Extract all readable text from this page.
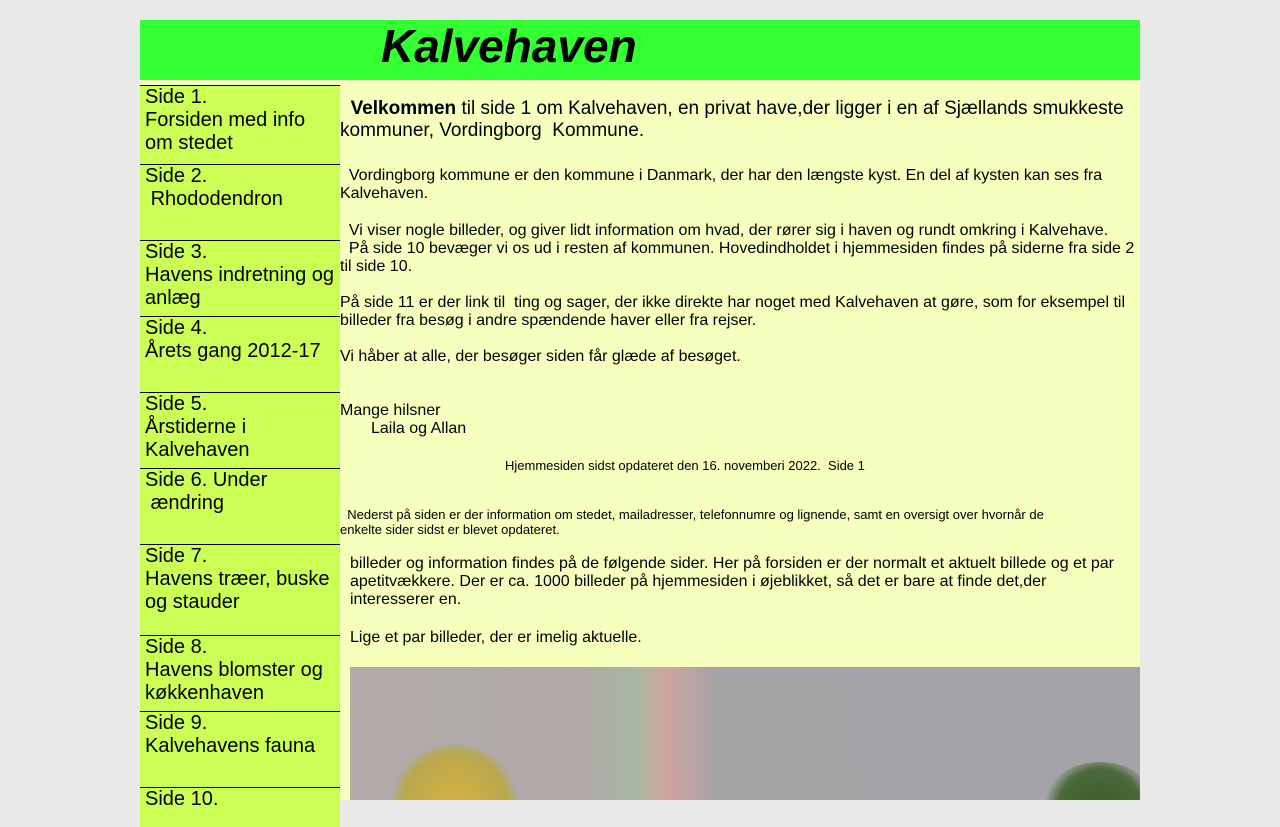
Kalvehaven
Side 1.
Forsiden med info om stedet
Side 2.
Rhododendron
Side 3.
Havens indretning og anlæg
Side 4.
Årets gang 2012-17
Side 5.
Årstiderne i Kalvehaven
Side 6. Under
ændring
Side 7.
Havens træer, buske og stauder
Side 8.
Havens blomster og køkkenhaven
Side 9.
Kalvehavens fauna
Side 10.
Velkommen til side 1 om Kalvehaven, en privat have,der ligger i en af Sjællands smukkeste kommuner, Vordingborg  Kommune.
Vordingborg kommune er den kommune i Danmark, der har den længste kyst. En del af kysten kan ses fra Kalvehaven.
Vi viser nogle billeder, og giver lidt information om hvad, der rører sig i haven og rundt omkring i Kalvehave.
På side 10 bevæger vi os ud i resten af kommunen. Hovedindholdet i hjemmesiden findes på siderne fra side 2 til side 10.
På side 11 er der link til  ting og sager, der ikke direkte har noget med Kalvehaven at gøre, som for eksempel til billeder fra besøg i andre spændende haver eller fra rejser.
Vi håber at alle, der besøger siden får glæde af besøget.
Mange hilsner
Laila og Allan
Hjemmesiden sidst opdateret den 16. novemberi 2022.  Side 1
Nederst på siden er der information om stedet, mailadresser, telefonnumre og lignende, samt en oversigt over hvornår de enkelte sider sidst er blevet opdateret.
billeder og information findes på de følgende sider. Her på forsiden er der normalt et aktuelt billede og et par apetitvækkere. Der er ca. 1000 billeder på hjemmesiden i øjeblikket, så det er bare at finde det,der interesserer en.
Lige et par billeder, der er imelig aktuelle.
